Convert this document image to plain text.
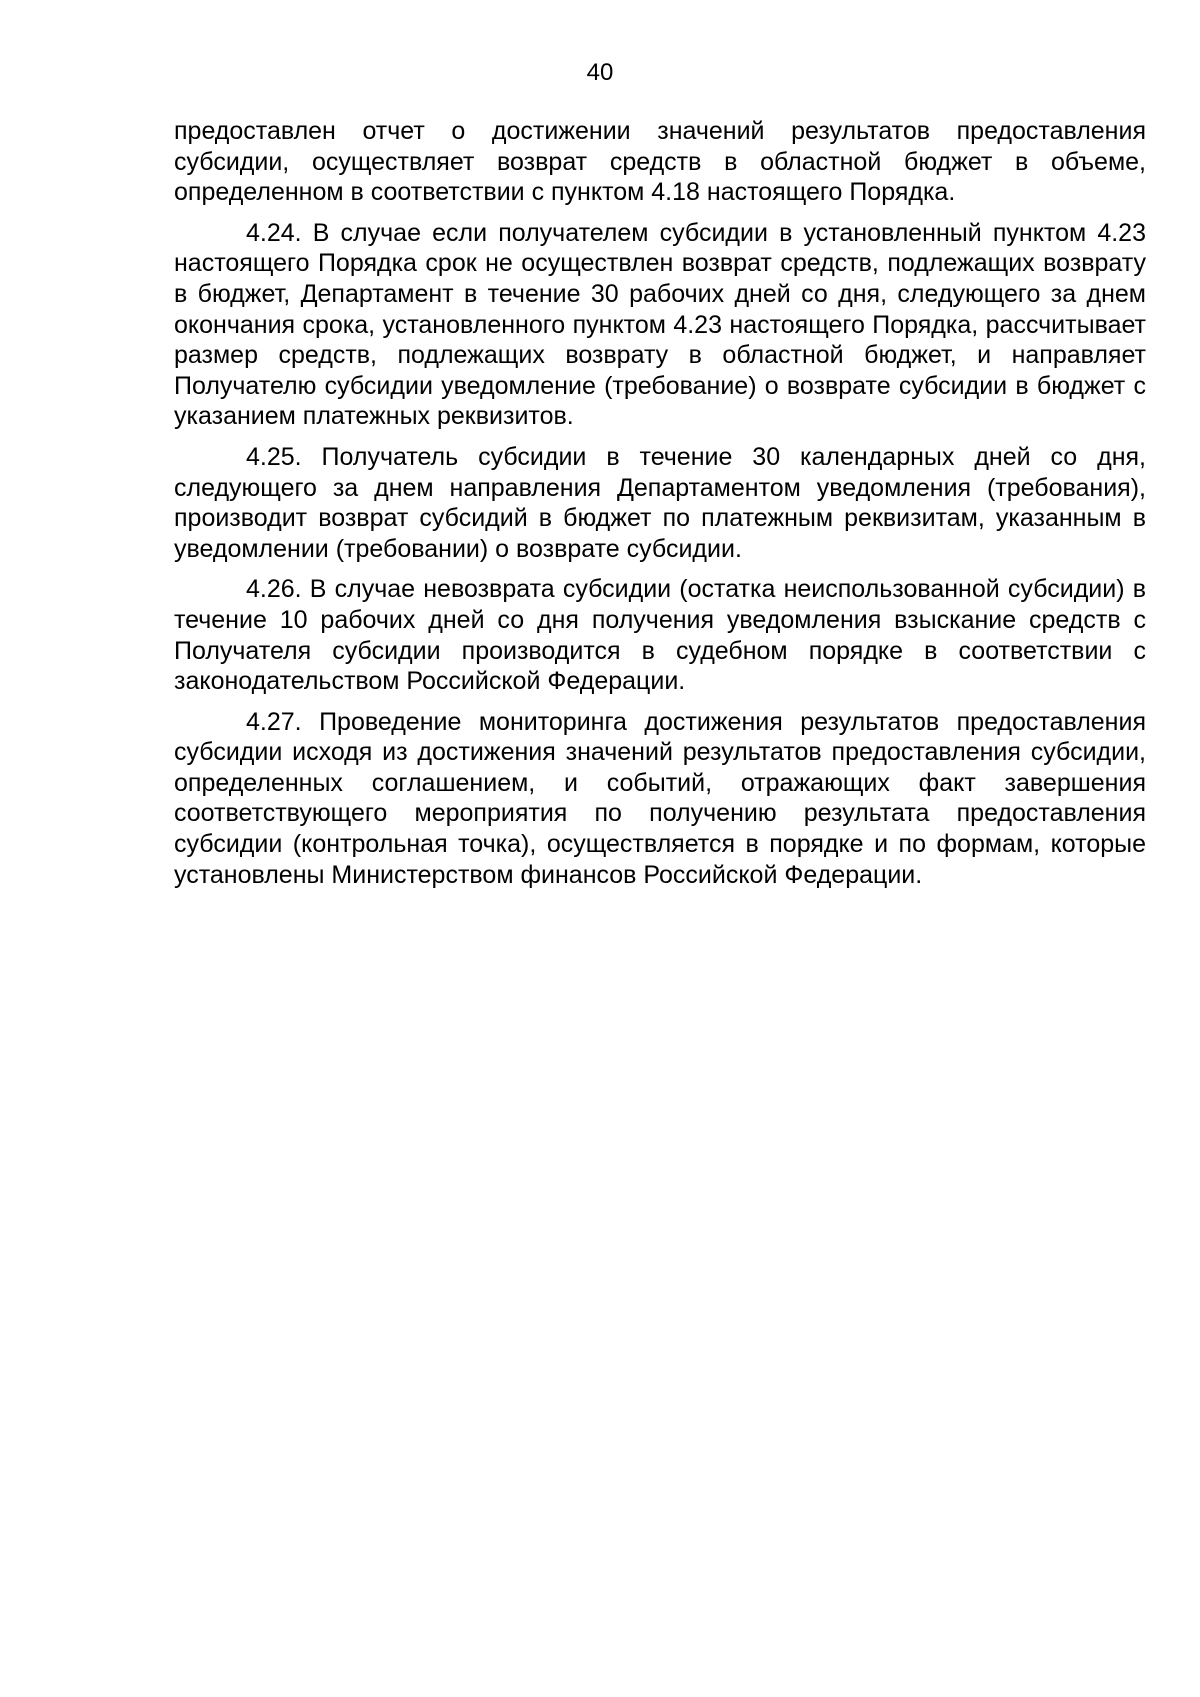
40

предоставлен отчет о достижении значений результатов предоставления субсидии, осуществляет возврат средств в областной бюджет в объеме, определенном в соответствии с пунктом 4.18 настоящего Порядка.

4.24. В случае если получателем субсидии в установленный пунктом 4.23 настоящего Порядка срок не осуществлен возврат средств, подлежащих возврату в бюджет, Департамент в течение 30 рабочих дней со дня, следующего за днем окончания срока, установленного пунктом 4.23 настоящего Порядка, рассчитывает размер средств, подлежащих возврату в областной бюджет, и направляет Получателю субсидии уведомление (требование) о возврате субсидии в бюджет с указанием платежных реквизитов.

4.25. Получатель субсидии в течение 30 календарных дней со дня, следующего за днем направления Департаментом уведомления (требования), производит возврат субсидий в бюджет по платежным реквизитам, указанным в уведомлении (требовании) о возврате субсидии.

4.26. В случае невозврата субсидии (остатка неиспользованной субсидии) в течение 10 рабочих дней со дня получения уведомления взыскание средств с Получателя субсидии производится в судебном порядке в соответствии с законодательством Российской Федерации.

4.27. Проведение мониторинга достижения результатов предоставления субсидии исходя из достижения значений результатов предоставления субсидии, определенных соглашением, и событий, отражающих факт завершения соответствующего мероприятия по получению результата предоставления субсидии (контрольная точка), осуществляется в порядке и по формам, которые установлены Министерством финансов Российской Федерации.
